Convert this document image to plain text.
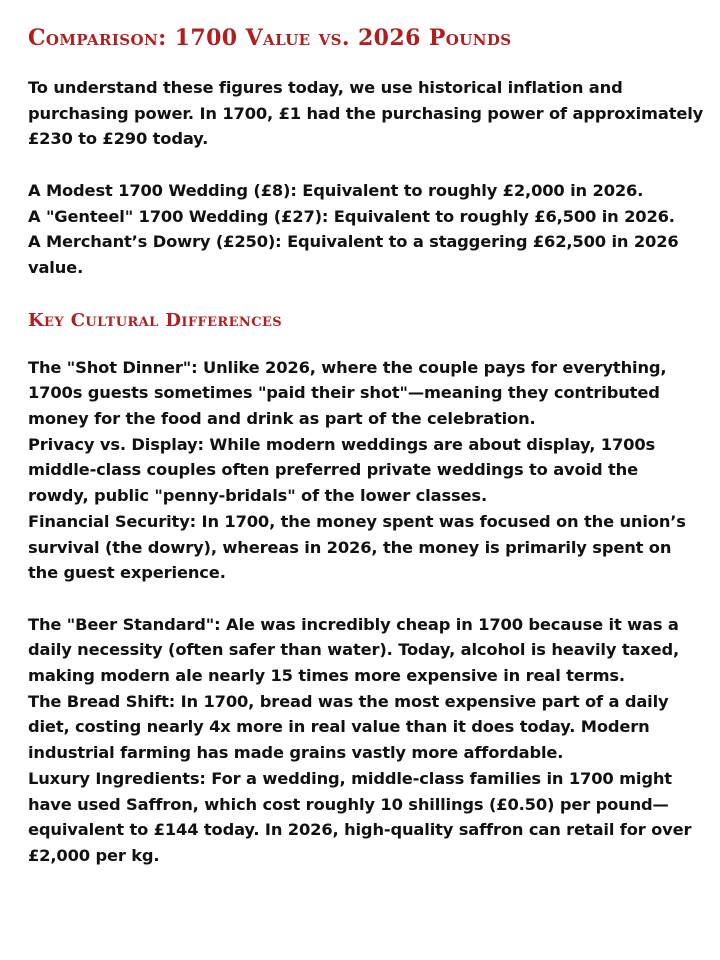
Comparison: 1700 Value vs. 2026 Pounds

To understand these figures today, we use historical inflation and purchasing power. In 1700, £1 had the purchasing power of approximately £230 to £290 today.

A Modest 1700 Wedding (£8): Equivalent to roughly £2,000 in 2026.

A "Genteel" 1700 Wedding (£27): Equivalent to roughly £6,500 in 2026.

A Merchant’s Dowry (£250): Equivalent to a staggering £62,500 in 2026 value.

Key Cultural Differences

The "Shot Dinner": Unlike 2026, where the couple pays for everything, 1700s guests sometimes "paid their shot"—meaning they contributed money for the food and drink as part of the celebration.

Privacy vs. Display: While modern weddings are about display, 1700s middle-class couples often preferred private weddings to avoid the rowdy, public "penny-bridals" of the lower classes.

Financial Security: In 1700, the money spent was focused on the union’s survival (the dowry), whereas in 2026, the money is primarily spent on the guest experience.

The "Beer Standard": Ale was incredibly cheap in 1700 because it was a daily necessity (often safer than water). Today, alcohol is heavily taxed, making modern ale nearly 15 times more expensive in real terms.

The Bread Shift: In 1700, bread was the most expensive part of a daily diet, costing nearly 4x more in real value than it does today. Modern industrial farming has made grains vastly more affordable.

Luxury Ingredients: For a wedding, middle-class families in 1700 might have used Saffron, which cost roughly 10 shillings (£0.50) per pound—equivalent to £144 today. In 2026, high-quality saffron can retail for over £2,000 per kg.
